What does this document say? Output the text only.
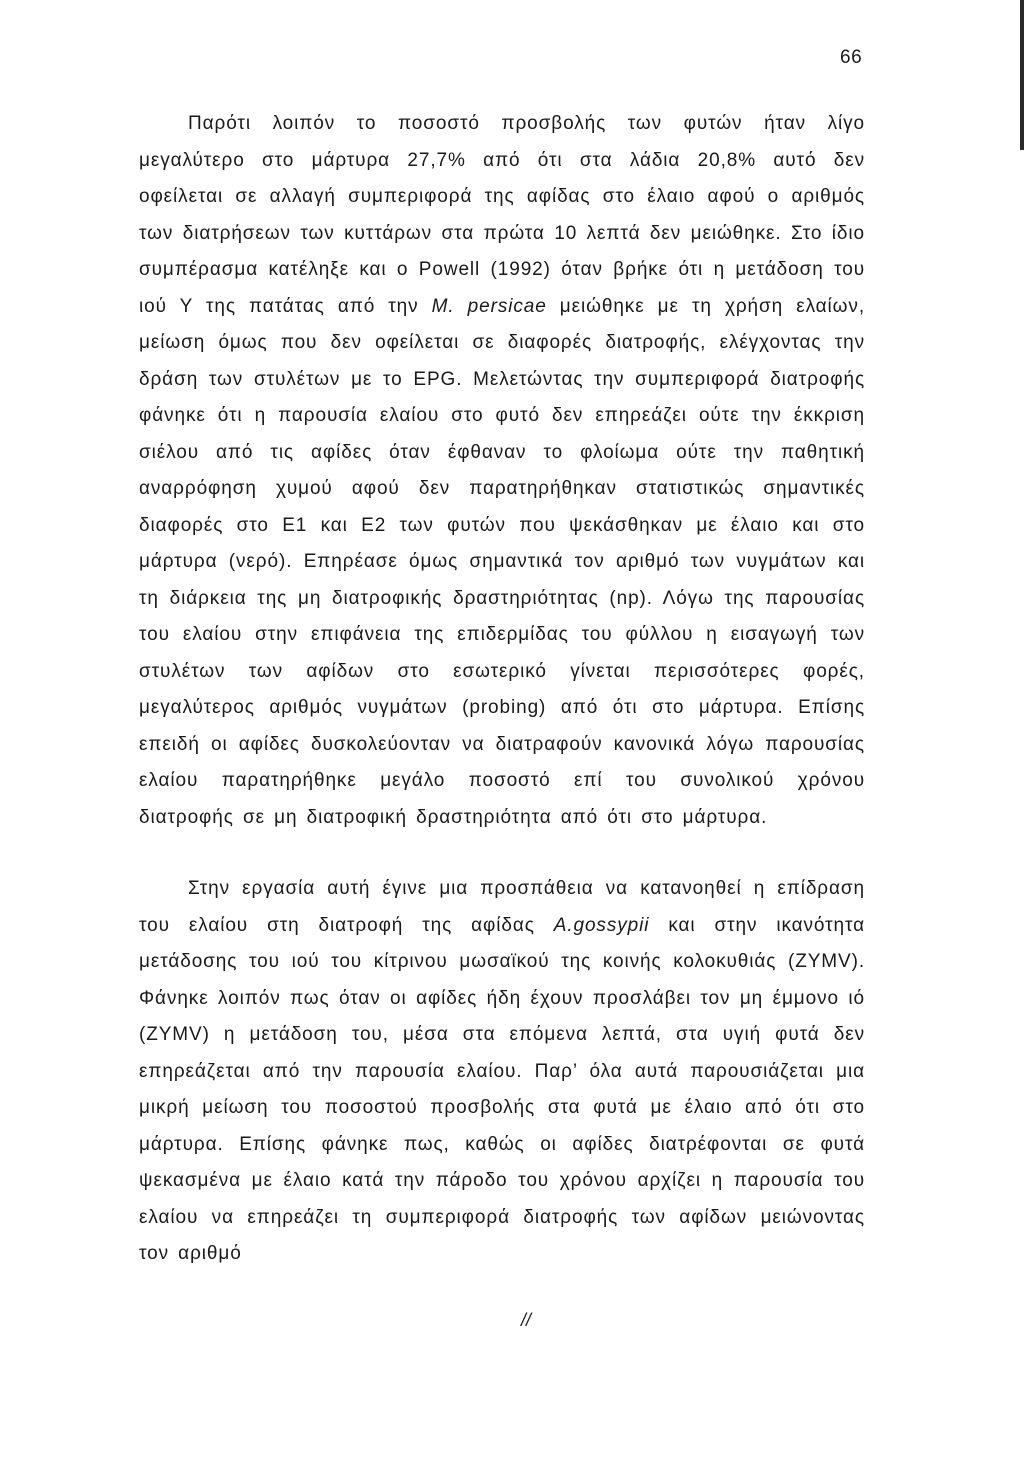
66

Παρότι λοιπόν το ποσοστό προσβολής των φυτών ήταν λίγο μεγαλύτερο στο μάρτυρα 27,7% από ότι στα λάδια 20,8% αυτό δεν οφείλεται σε αλλαγή συμπεριφορά της αφίδας στο έλαιο αφού ο αριθμός των διατρήσεων των κυττάρων στα πρώτα 10 λεπτά δεν μειώθηκε. Στο ίδιο συμπέρασμα κατέληξε και ο Powell (1992) όταν βρήκε ότι η μετάδοση του ιού Υ της πατάτας από την M. persicae μειώθηκε με τη χρήση ελαίων, μείωση όμως που δεν οφείλεται σε διαφορές διατροφής, ελέγχοντας την δράση των στυλέτων με το EPG. Μελετώντας την συμπεριφορά διατροφής φάνηκε ότι η παρουσία ελαίου στο φυτό δεν επηρεάζει ούτε την έκκριση σιέλου από τις αφίδες όταν έφθαναν το φλοίωμα ούτε την παθητική αναρρόφηση χυμού αφού δεν παρατηρήθηκαν στατιστικώς σημαντικές διαφορές στο Ε1 και Ε2 των φυτών που ψεκάσθηκαν με έλαιο και στο μάρτυρα (νερό). Επηρέασε όμως σημαντικά τον αριθμό των νυγμάτων και τη διάρκεια της μη διατροφικής δραστηριότητας (np). Λόγω της παρουσίας του ελαίου στην επιφάνεια της επιδερμίδας του φύλλου η εισαγωγή των στυλέτων των αφίδων στο εσωτερικό γίνεται περισσότερες φορές, μεγαλύτερος αριθμός νυγμάτων (probing) από ότι στο μάρτυρα. Επίσης επειδή οι αφίδες δυσκολεύονταν να διατραφούν κανονικά λόγω παρουσίας ελαίου παρατηρήθηκε μεγάλο ποσοστό επί του συνολικού χρόνου διατροφής σε μη διατροφική δραστηριότητα από ότι στο μάρτυρα.

Στην εργασία αυτή έγινε μια προσπάθεια να κατανοηθεί η επίδραση του ελαίου στη διατροφή της αφίδας A.gossypii και στην ικανότητα μετάδοσης του ιού του κίτρινου μωσαϊκού της κοινής κολοκυθιάς (ZYMV). Φάνηκε λοιπόν πως όταν οι αφίδες ήδη έχουν προσλάβει τον μη έμμονο ιό (ZYMV) η μετάδοση του, μέσα στα επόμενα λεπτά, στα υγιή φυτά δεν επηρεάζεται από την παρουσία ελαίου. Παρ’ όλα αυτά παρουσιάζεται μια μικρή μείωση του ποσοστού προσβολής στα φυτά με έλαιο από ότι στο μάρτυρα. Επίσης φάνηκε πως, καθώς οι αφίδες διατρέφονται σε φυτά ψεκασμένα με έλαιο κατά την πάροδο του χρόνου αρχίζει η παρουσία του ελαίου να επηρεάζει τη συμπεριφορά διατροφής των αφίδων μειώνοντας τον αριθμό

//
